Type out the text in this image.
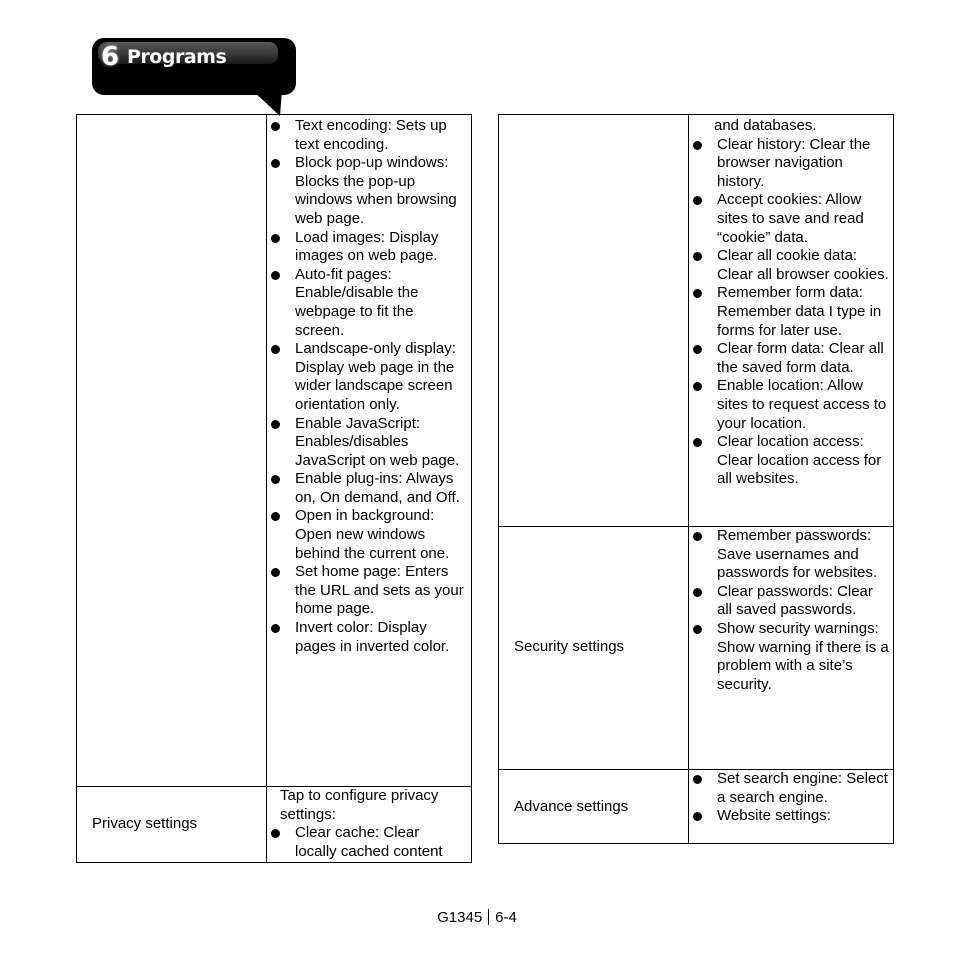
6 Programs
Text encoding: Sets up text encoding.
Block pop-up windows: Blocks the pop-up windows when browsing web page.
Load images: Display images on web page.
Auto-fit pages: Enable/disable the webpage to fit the screen.
Landscape-only display: Display web page in the wider landscape screen orientation only.
Enable JavaScript: Enables/disables JavaScript on web page.
Enable plug-ins: Always on, On demand, and Off.
Open in background: Open new windows behind the current one.
Set home page: Enters the URL and sets as your home page.
Invert color: Display pages in inverted color.
Privacy settings
Tap to configure privacy settings:
Clear cache: Clear locally cached content
and databases.
Clear history: Clear the browser navigation history.
Accept cookies: Allow sites to save and read “cookie” data.
Clear all cookie data: Clear all browser cookies.
Remember form data: Remember data I type in forms for later use.
Clear form data: Clear all the saved form data.
Enable location: Allow sites to request access to your location.
Clear location access: Clear location access for all websites.
Security settings
Remember passwords: Save usernames and passwords for websites.
Clear passwords: Clear all saved passwords.
Show security warnings: Show warning if there is a problem with a site’s security.
Advance settings
Set search engine: Select a search engine.
Website settings:
G1345 6-4
